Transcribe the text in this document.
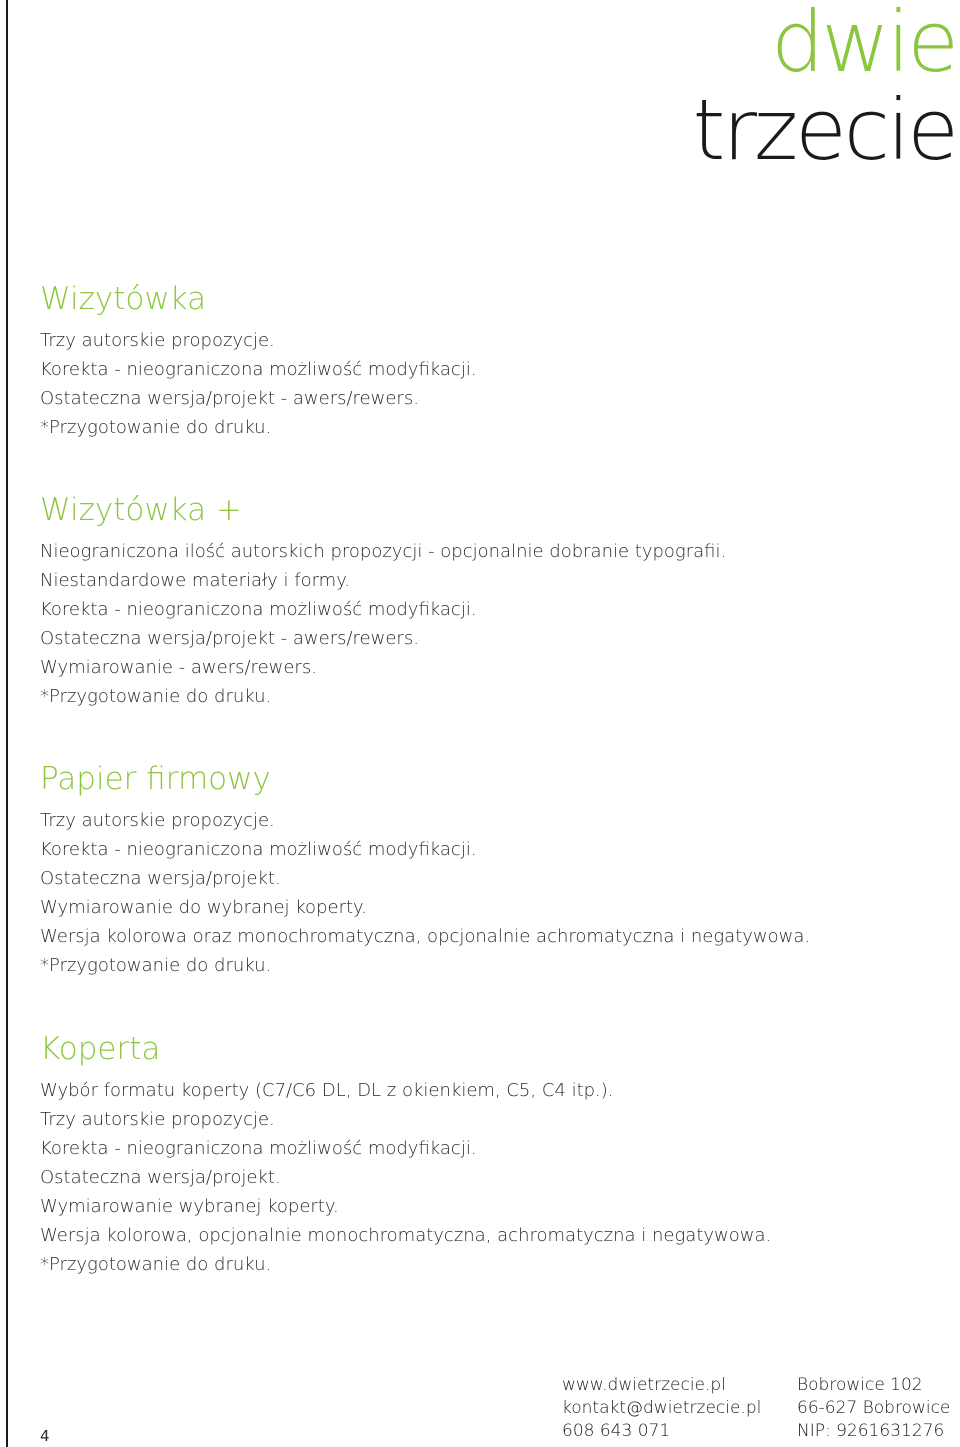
dwie
trzecie
Wizytówka
Trzy autorskie propozycje.
Korekta - nieograniczona możliwość modyfikacji.
Ostateczna wersja/projekt - awers/rewers.
*Przygotowanie do druku.
Wizytówka +
Nieograniczona ilość autorskich propozycji - opcjonalnie dobranie typografii.
Niestandardowe materiały i formy.
Korekta - nieograniczona możliwość modyfikacji.
Ostateczna wersja/projekt - awers/rewers.
Wymiarowanie - awers/rewers.
*Przygotowanie do druku.
Papier firmowy
Trzy autorskie propozycje.
Korekta - nieograniczona możliwość modyfikacji.
Ostateczna wersja/projekt.
Wymiarowanie do wybranej koperty.
Wersja kolorowa oraz monochromatyczna, opcjonalnie achromatyczna i negatywowa.
*Przygotowanie do druku.
Koperta
Wybór formatu koperty (C7/C6 DL, DL z okienkiem, C5, C4 itp.).
Trzy autorskie propozycje.
Korekta - nieograniczona możliwość modyfikacji.
Ostateczna wersja/projekt.
Wymiarowanie wybranej koperty.
Wersja kolorowa, opcjonalnie monochromatyczna, achromatyczna i negatywowa.
*Przygotowanie do druku.
4
www.dwietrzecie.pl
kontakt@dwietrzecie.pl
608 643 071
Bobrowice 102
66-627 Bobrowice
NIP: 9261631276
